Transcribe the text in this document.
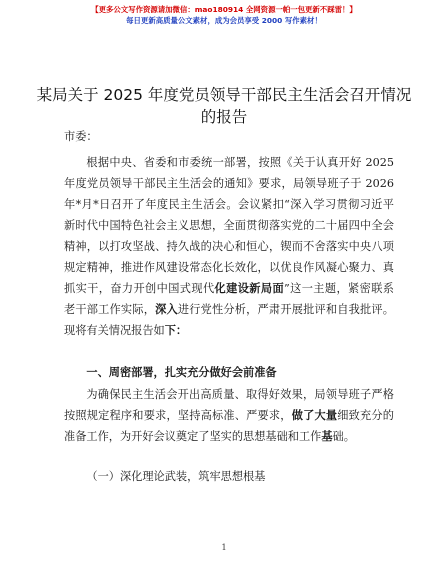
【更多公文写作资源请加微信：mao180914 全网资源一帕一包更新不踩雷！】
每日更新高质量公文素材，成为会员享受 2000 写作素材！
某局关于 2025 年度党员领导干部民主生活会召开情况的报告
市委：
根据中央、省委和市委统一部署，按照《关于认真开好 2025 年度党员领导干部民主生活会的通知》要求，局领导班子于 2026 年*月*日召开了年度民主生活会。会议紧扣“深入学习贯彻习近平新时代中国特色社会主义思想，全面贯彻落实党的二十届四中全会精神，以打攻坚战、持久战的决心和恒心，锲而不舍落实中央八项规定精神，推进作风建设常态化长效化，以优良作风凝心聚力、真抓实干，奋力开创中国式现代化建设新局面”这一主题，紧密联系老干部工作实际，深入进行党性分析，严肃开展批评和自我批评。现将有关情况报告如下：
一、周密部署，扎实充分做好会前准备
为确保民主生活会开出高质量、取得好效果，局领导班子严格按照规定程序和要求，坚持高标准、严要求，做了大量细致充分的准备工作，为开好会议奠定了坚实的思想基础和工作基础。
（一）深化理论武装，筑牢思想根基
1
